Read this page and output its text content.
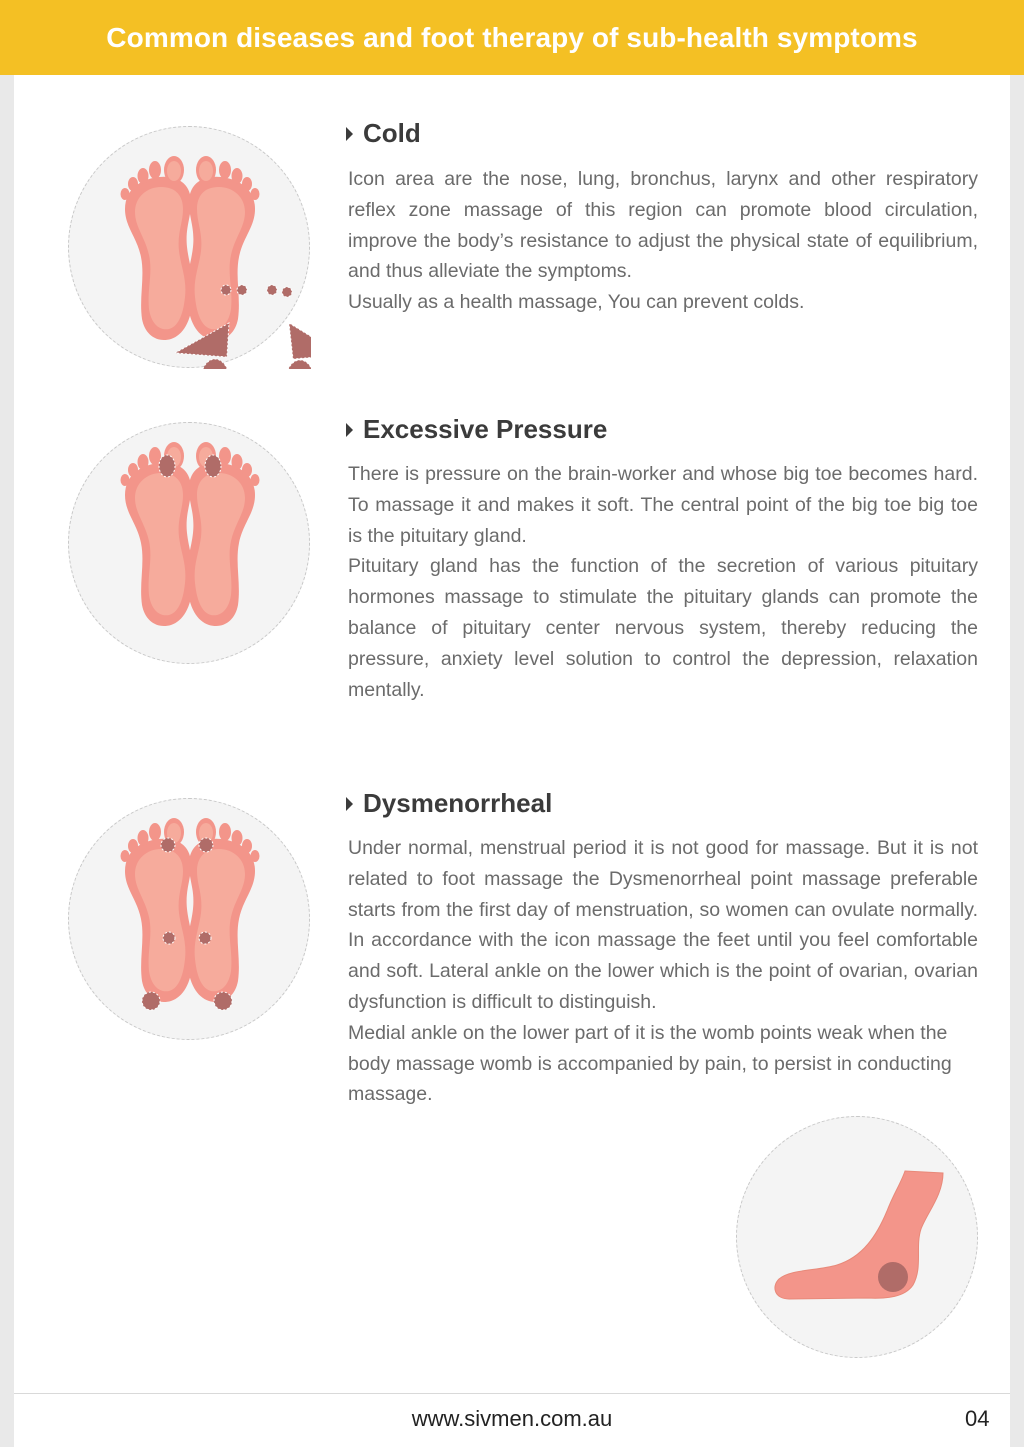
Common diseases and foot therapy of sub-health symptoms
Cold

Icon area are the nose, lung, bronchus, larynx and other respiratory reflex zone massage of this region can promote blood circulation, improve the body’s resistance to adjust the physical state of equilibrium, and thus alleviate the symptoms.

Usually as a health massage, You can prevent colds.

Excessive Pressure

There is pressure on the brain-worker and whose big toe becomes hard. To massage it and makes it soft. The central point of the big toe big toe is the pituitary gland.

Pituitary gland has the function of the secretion of various pituitary hormones massage to stimulate the pituitary glands can promote the balance of pituitary center nervous system, thereby reducing the pressure, anxiety level solution to control the depression, relaxation mentally.

Dysmenorrheal

Under normal, menstrual period it is not good for massage. But it is not related to foot massage the Dysmenorrheal point massage preferable starts from the first day of menstruation, so women can ovulate normally. In accordance with the icon massage the feet until you feel comfortable and soft. Lateral ankle on the lower which is the point of ovarian, ovarian dysfunction is difficult to distinguish.

Medial ankle on the lower part of it is the womb points weak when the body massage womb is accompanied by pain, to persist in conducting massage.

www.sivmen.com.au	04
